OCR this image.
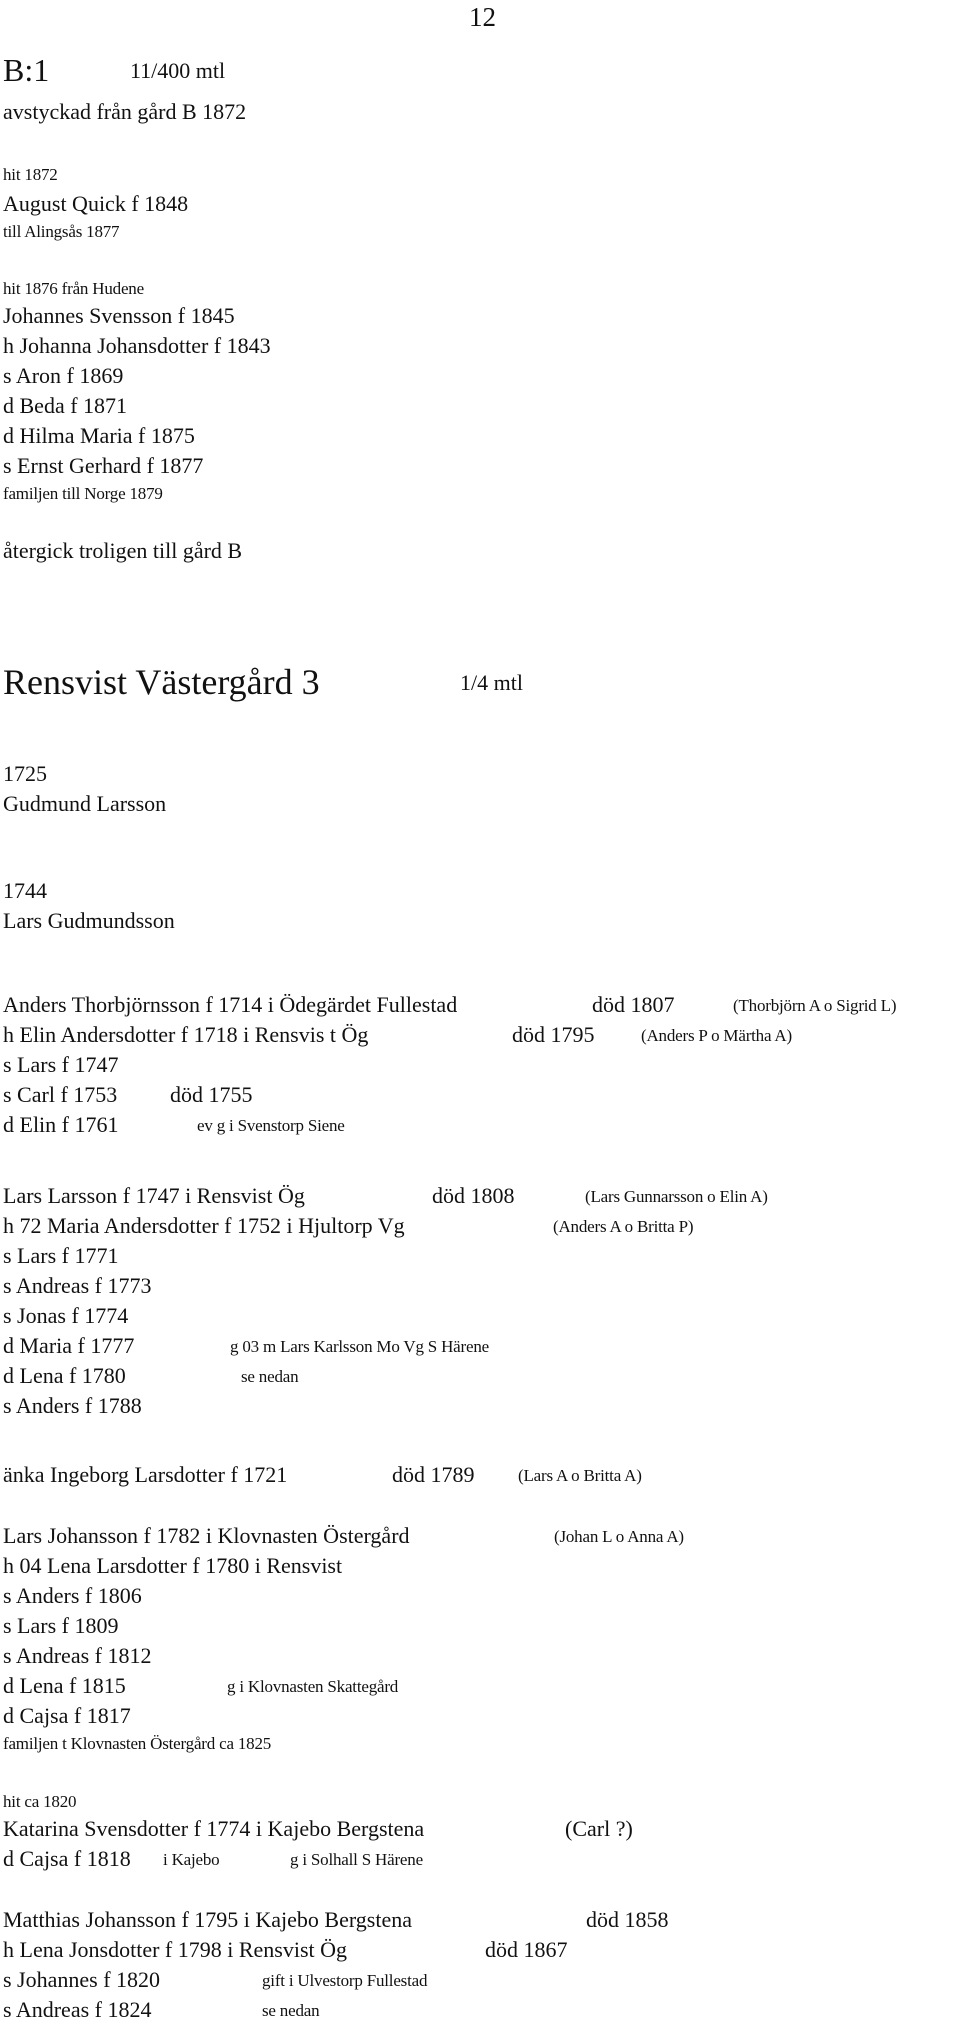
12
B:1	11/400 mtl
avstyckad från gård B 1872
hit 1872
August Quick f 1848
till Alingsås 1877
hit 1876 från Hudene
Johannes Svensson f 1845
h Johanna Johansdotter f 1843
s Aron f 1869
d Beda f 1871
d Hilma Maria f 1875
s Ernst Gerhard f 1877
familjen till Norge 1879
återgick troligen till gård B
Rensvist Västergård 3	1/4 mtl
1725
Gudmund Larsson
1744
Lars Gudmundsson
Anders Thorbjörnsson f 1714 i Ödegärdet Fullestad	död 1807	(Thorbjörn A o Sigrid L)
h Elin Andersdotter f 1718 i Rensvis t Ög	död 1795	(Anders P o Märtha A)
s Lars f 1747
s Carl f 1753 död 1755
d Elin f 1761	ev g i Svenstorp Siene
Lars Larsson f 1747 i Rensvist Ög	död 1808	(Lars Gunnarsson o Elin A)
h 72 Maria Andersdotter f 1752 i Hjultorp Vg	(Anders A o Britta P)
s Lars f 1771
s Andreas f 1773
s Jonas f 1774
d Maria f 1777	g 03 m Lars Karlsson Mo Vg S Härene
d Lena f 1780	se nedan
s Anders f 1788
änka Ingeborg Larsdotter f 1721	död 1789	(Lars A o Britta A)
Lars Johansson f 1782 i Klovnasten Östergård	(Johan L o Anna A)
h 04 Lena Larsdotter f 1780 i Rensvist
s Anders f 1806
s Lars f 1809
s Andreas f 1812
d Lena f 1815	g i Klovnasten Skattegård
d Cajsa f 1817
familjen t Klovnasten Östergård ca 1825
hit ca 1820
Katarina Svensdotter f 1774 i Kajebo Bergstena	(Carl ?)
d Cajsa f 1818 i Kajebo	g i Solhall S Härene
Matthias Johansson f 1795 i Kajebo Bergstena	död 1858
h Lena Jonsdotter f 1798 i Rensvist Ög	död 1867
s Johannes f 1820	gift i Ulvestorp Fullestad
s Andreas f 1824	se nedan
